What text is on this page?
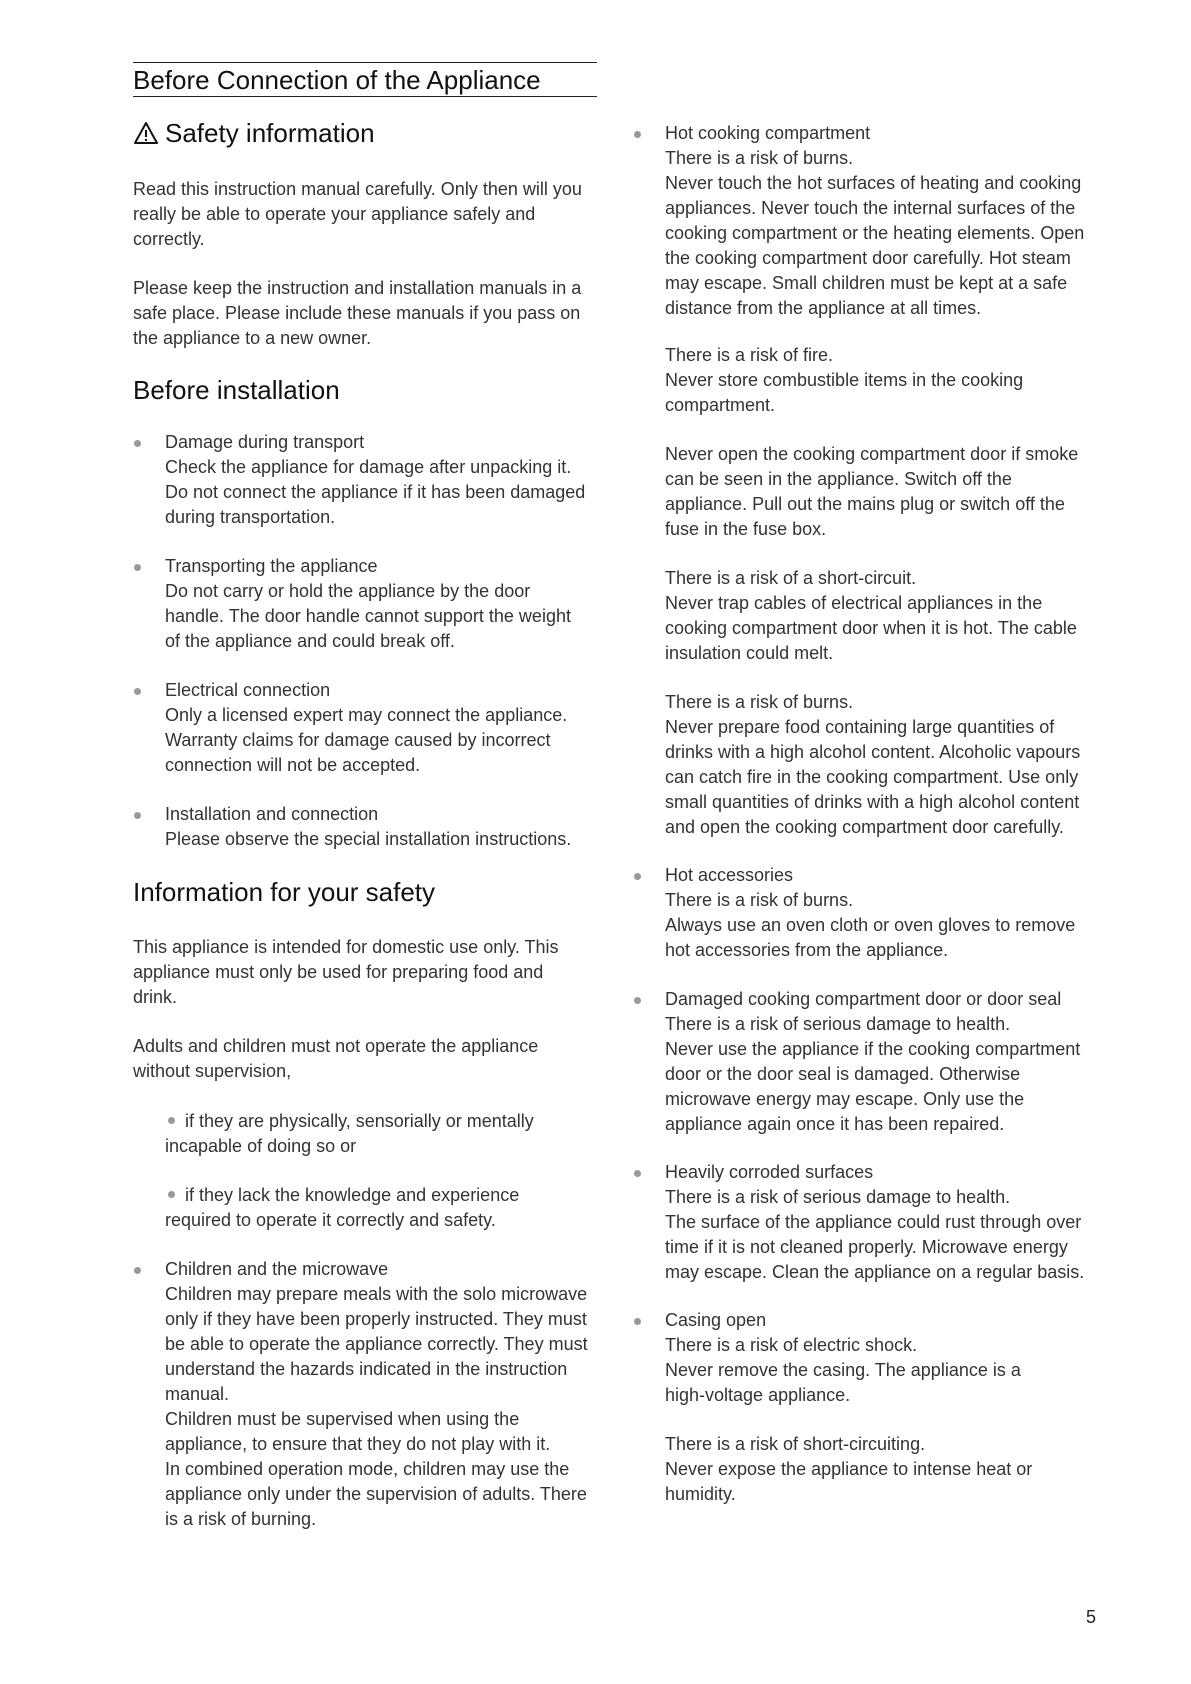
Before Connection of the Appliance
Safety information

Read this instruction manual carefully. Only then will you
really be able to operate your appliance safely and
correctly.

Please keep the instruction and installation manuals in a
safe place. Please include these manuals if you pass on
the appliance to a new owner.

Before installation
Damage during transport
Check the appliance for damage after unpacking it.
Do not connect the appliance if it has been damaged
during transportation.
Transporting the appliance
Do not carry or hold the appliance by the door
handle. The door handle cannot support the weight
of the appliance and could break off.
Electrical connection
Only a licensed expert may connect the appliance.
Warranty claims for damage caused by incorrect
connection will not be accepted.
Installation and connection
Please observe the special installation instructions.
Information for your safety

This appliance is intended for domestic use only. This
appliance must only be used for preparing food and
drink.

Adults and children must not operate the appliance
without supervision,

if they are physically, sensorially or mentally
incapable of doing so or
if they lack the knowledge and experience
required to operate it correctly and safety.
Children and the microwave
Children may prepare meals with the solo microwave
only if they have been properly instructed. They must
be able to operate the appliance correctly. They must
understand the hazards indicated in the instruction
manual.
Children must be supervised when using the
appliance, to ensure that they do not play with it.
In combined operation mode, children may use the
appliance only under the supervision of adults. There
is a risk of burning.
Hot cooking compartment
There is a risk of burns.
Never touch the hot surfaces of heating and cooking
appliances. Never touch the internal surfaces of the
cooking compartment or the heating elements. Open
the cooking compartment door carefully. Hot steam
may escape. Small children must be kept at a safe
distance from the appliance at all times.

There is a risk of fire.
Never store combustible items in the cooking
compartment.

Never open the cooking compartment door if smoke
can be seen in the appliance. Switch off the
appliance. Pull out the mains plug or switch off the
fuse in the fuse box.

There is a risk of a short-circuit.
Never trap cables of electrical appliances in the
cooking compartment door when it is hot. The cable
insulation could melt.

There is a risk of burns.
Never prepare food containing large quantities of
drinks with a high alcohol content. Alcoholic vapours
can catch fire in the cooking compartment. Use only
small quantities of drinks with a high alcohol content
and open the cooking compartment door carefully.

Hot accessories
There is a risk of burns.
Always use an oven cloth or oven gloves to remove
hot accessories from the appliance.
Damaged cooking compartment door or door seal
There is a risk of serious damage to health.
Never use the appliance if the cooking compartment
door or the door seal is damaged. Otherwise
microwave energy may escape. Only use the
appliance again once it has been repaired.
Heavily corroded surfaces
There is a risk of serious damage to health.
The surface of the appliance could rust through over
time if it is not cleaned properly. Microwave energy
may escape. Clean the appliance on a regular basis.
Casing open
There is a risk of electric shock.
Never remove the casing. The appliance is a
high-voltage appliance.

There is a risk of short-circuiting.
Never expose the appliance to intense heat or
humidity.

5
